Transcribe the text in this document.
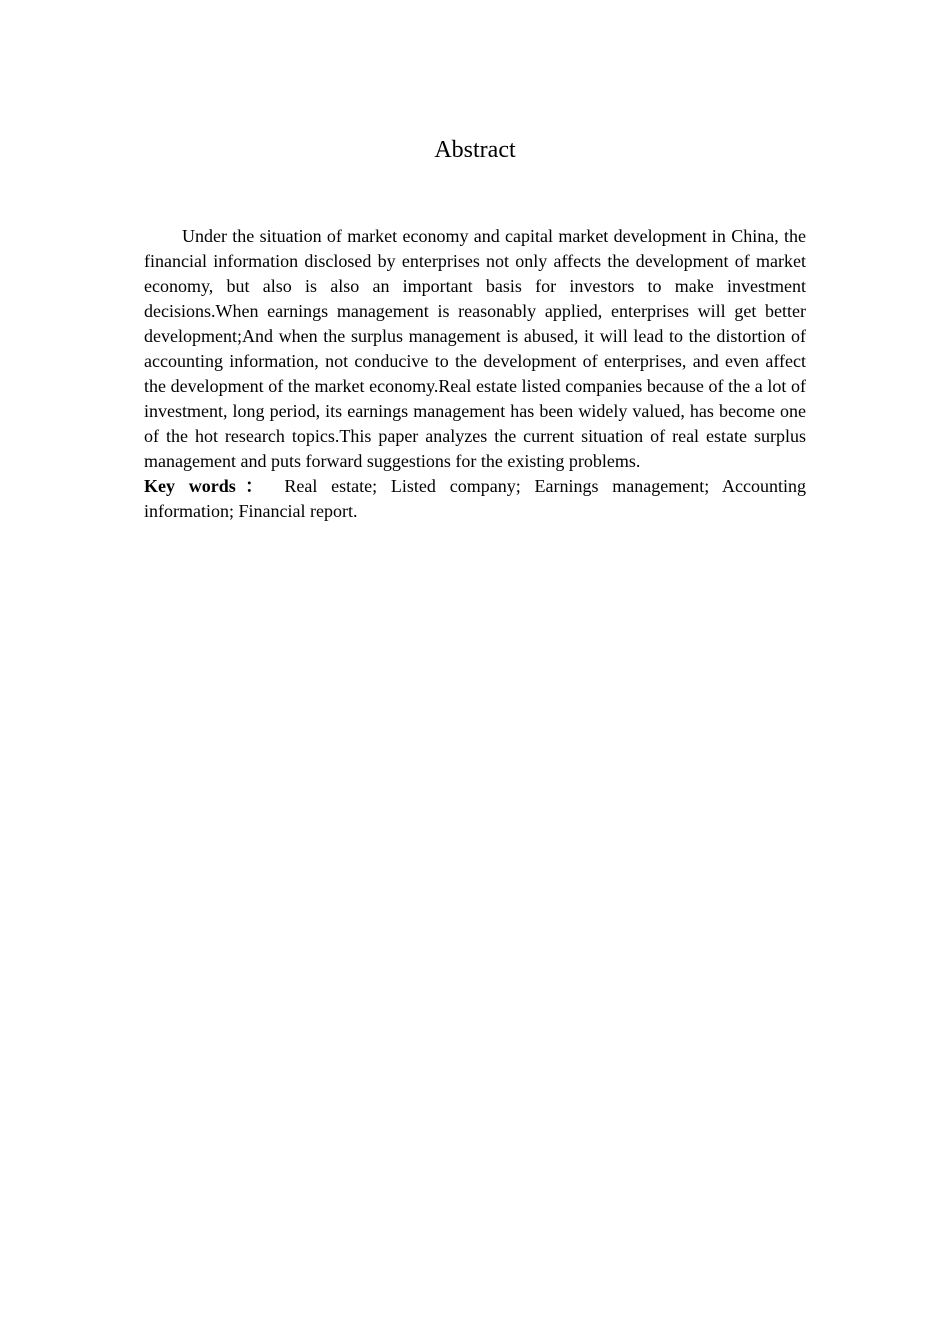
Abstract

Under the situation of market economy and capital market development in China, the financial information disclosed by enterprises not only affects the development of market economy, but also is also an important basis for investors to make investment decisions.When earnings management is reasonably applied, enterprises will get better development;And when the surplus management is abused, it will lead to the distortion of accounting information, not conducive to the development of enterprises, and even affect the development of the market economy.Real estate listed companies because of the a lot of investment, long period, its earnings management has been widely valued, has become one of the hot research topics.This paper analyzes the current situation of real estate surplus management and puts forward suggestions for the existing problems.

Key words： Real estate; Listed company; Earnings management; Accounting information; Financial report.
